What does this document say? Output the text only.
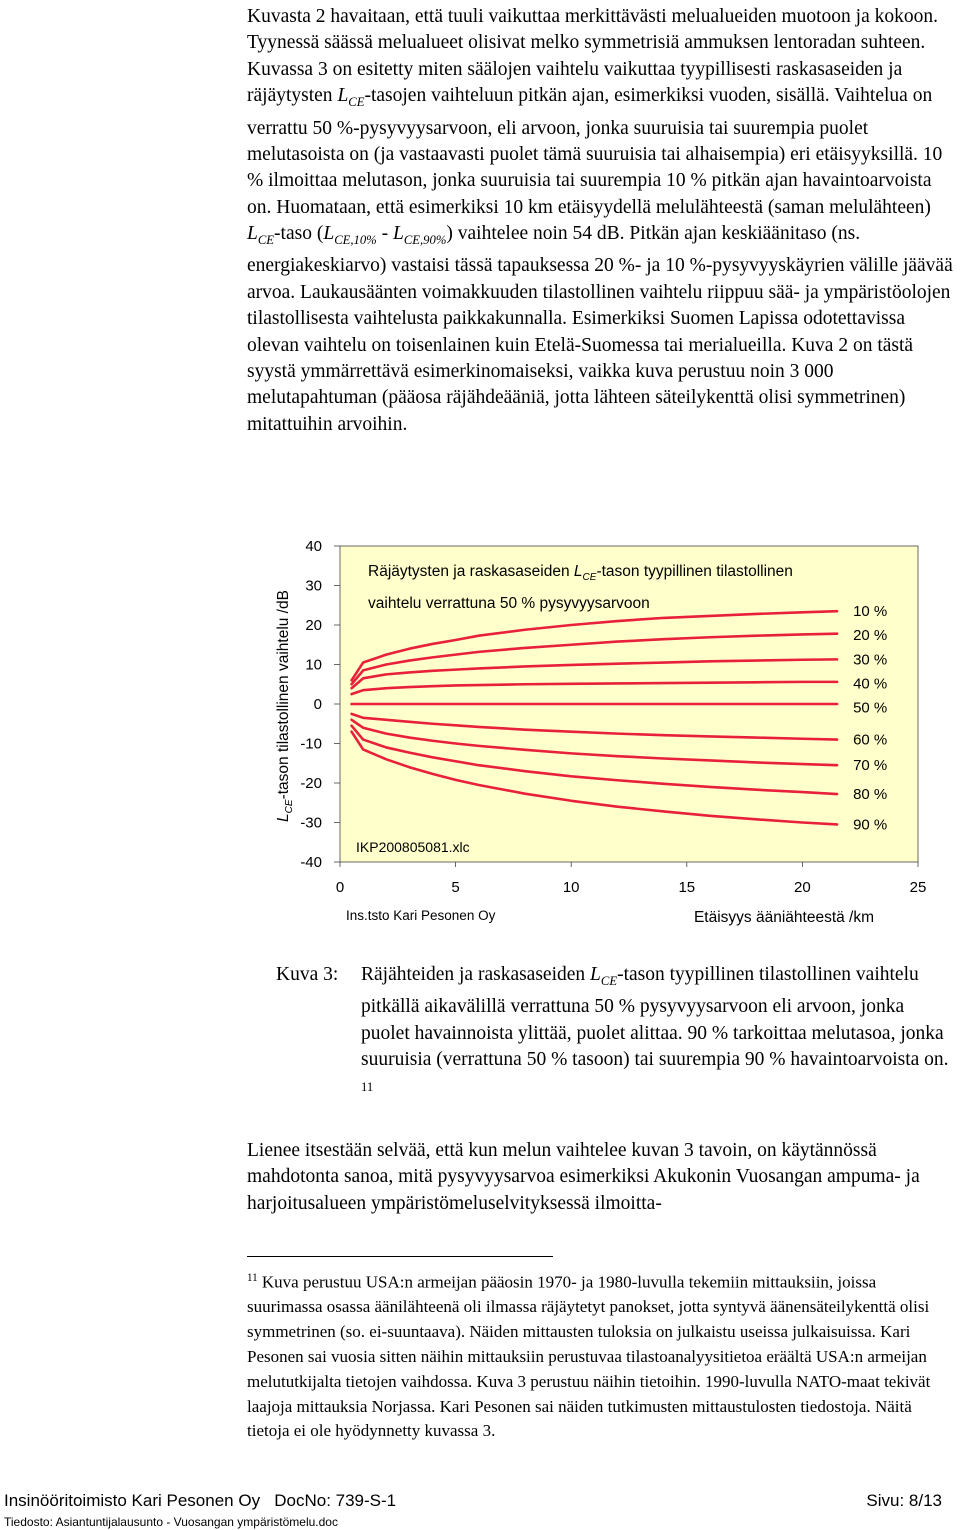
Kuvasta 2 havaitaan, että tuuli vaikuttaa merkittävästi melualueiden muotoon ja kokoon. Tyynessä säässä melualueet olisivat melko symmetrisiä ammuksen lentoradan suhteen. Kuvassa 3 on esitetty miten säälojen vaihtelu vaikuttaa tyypillisesti raskasaseiden ja räjäytysten $L_{CE}$-tasojen vaihteluun pitkän ajan, esimerkiksi vuoden, sisällä. Vaihtelua on verrattu 50 %-pysyvyysarvoon, eli arvoon, jonka suuruisia tai suurempia puolet melutasoista on (ja vastaavasti puolet tämä suuruisia tai alhaisempia) eri etäisyyksillä. 10 % ilmoittaa melutason, jonka suuruisia tai suurempia 10 % pitkän ajan havaintoarvoista on. Huomataan, että esimerkiksi 10 km etäisyydellä melulähteestä (saman melulähteen) $L_{CE}$-taso $(L_{CE,10\%} - L_{CE,90\%})$ vaihtelee noin 54 dB. Pitkän ajan keskiäänitaso (ns. energiakeskiarvo) vastaisi tässä tapauksessa 20 %- ja 10 %-pysyvyyskäyrien välille jäävää arvoa. Laukausäänten voimakkuuden tilastollinen vaihtelu riippuu sää- ja ympäristöolojen tilastollisesta vaihtelusta paikkakunnalla. Esimerkiksi Suomen Lapissa odotettavissa olevan vaihtelu on toisenlainen kuin Etelä-Suomessa tai merialueilla. Kuva 2 on tästä syystä ymmärrettävä esimerkinomaiseksi, vaikka kuva perustuu noin 3 000 melutapahtuman (pääosa räjähdeääniä, jotta lähteen säteilykenttä olisi symmetrinen) mitattuihin arvoihin.

40
30
20
10
0
-10
-20
-30
-40
0	5	10	15	20	25
10 %
20 %
30 %
40 %
50 %
60 %
70 %
80 %
90 %
Räjäytysten ja raskasaseiden $L_{CE}$-tason tyypillinen tilastollinen
vaihtelu verrattuna 50 % pysyvyysarvoon
IKP200805081.xlc
$L_{CE}$-tason tilastollinen vaihtelu /dB
Etäisyys ääniähteestä /km
Ins.tsto Kari Pesonen Oy

Kuva 3: Räjähteiden ja raskasaseiden $L_{CE}$-tason tyypillinen tilastollinen vaihtelu pitkällä aikavälillä verrattuna 50 % pysyvyysarvoon eli arvoon, jonka puolet havainnoista ylittää, puolet alittaa. 90 % tarkoittaa melutasoa, jonka suuruisia (verrattuna 50 % tasoon) tai suurempia 90 % havaintoarvoista on. $^{11}$

Lienee itsestään selvää, että kun melun vaihtelee kuvan 3 tavoin, on käytännössä mahdotonta sanoa, mitä pysyvyysarvoa esimerkiksi Akukonin Vuosangan ampuma- ja harjoitusalueen ympäristömeluselvityksessä ilmoitta-

$^{11}$ Kuva perustuu USA:n armeijan pääosin 1970- ja 1980-luvulla tekemiin mittauksiin, joissa suurimassa osassa äänilähteenä oli ilmassa räjäytetyt panokset, jotta syntyvä äänensäteilykenttä olisi symmetrinen (so. ei-suuntaava). Näiden mittausten tuloksia on julkaistu useissa julkaisuissa. Kari Pesonen sai vuosia sitten näihin mittauksiin perustuvaa tilastoanalyysitietoa eräältä USA:n armeijan melututkijalta tietojen vaihdossa. Kuva 3 perustuu näihin tietoihin. 1990-luvulla NATO-maat tekivät laajoja mittauksia Norjassa. Kari Pesonen sai näiden tutkimusten mittaustulosten tiedostoja. Näitä tietoja ei ole hyödynnetty kuvassa 3.

Insinööritoimisto Kari Pesonen Oy   DocNo: 739-S-1	Sivu: 8/13
Tiedosto: Asiantuntijalausunto - Vuosangan ympäristömelu.doc
